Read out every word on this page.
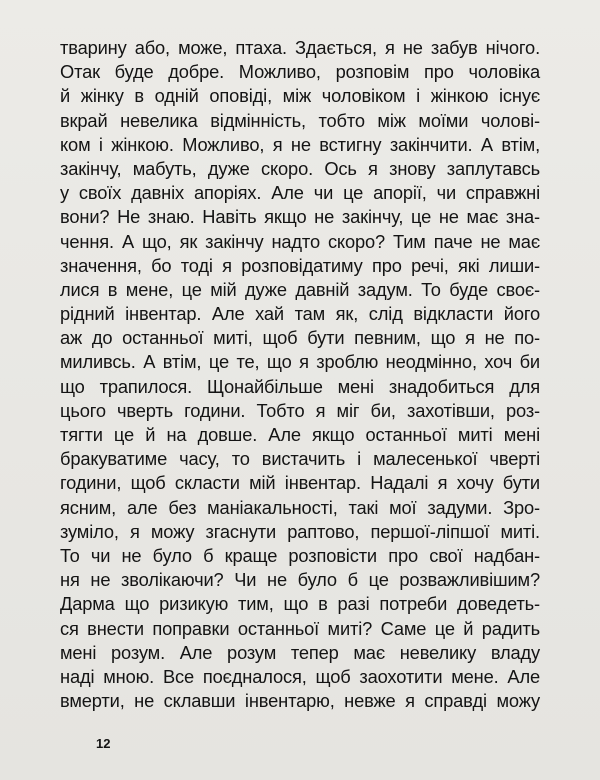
тварину або, може, птаха. Здається, я не забув нічого.
Отак буде добре. Можливо, розповім про чоловіка
й жінку в одній оповіді, між чоловіком і жінкою існує
вкрай невелика відмінність, тобто між моїми чолові-
ком і жінкою. Можливо, я не встигну закінчити. А втім,
закінчу, мабуть, дуже скоро. Ось я знову заплутавсь
у своїх давніх апоріях. Але чи це апорії, чи справжні
вони? Не знаю. Навіть якщо не закінчу, це не має зна-
чення. А що, як закінчу надто скоро? Тим паче не має
значення, бо тоді я розповідатиму про речі, які лиши-
лися в мене, це мій дуже давній задум. То буде своє-
рідний інвентар. Але хай там як, слід відкласти його
аж до останньої миті, щоб бути певним, що я не по-
миливсь. А втім, це те, що я зроблю неодмінно, хоч би
що трапилося. Щонайбільше мені знадобиться для
цього чверть години. Тобто я міг би, захотівши, роз-
тягти це й на довше. Але якщо останньої миті мені
бракуватиме часу, то вистачить і малесенької чверті
години, щоб скласти мій інвентар. Надалі я хочу бути
ясним, але без маніакальності, такі мої задуми. Зро-
зуміло, я можу згаснути раптово, першої-ліпшої миті.
То чи не було б краще розповісти про свої надбан-
ня не зволікаючи? Чи не було б це розважливішим?
Дарма що ризикую тим, що в разі потреби доведеть-
ся внести поправки останньої миті? Саме це й радить
мені розум. Але розум тепер має невелику владу
наді мною. Все поєдналося, щоб заохотити мене. Але
вмерти, не склавши інвентарю, невже я справді можу
12
